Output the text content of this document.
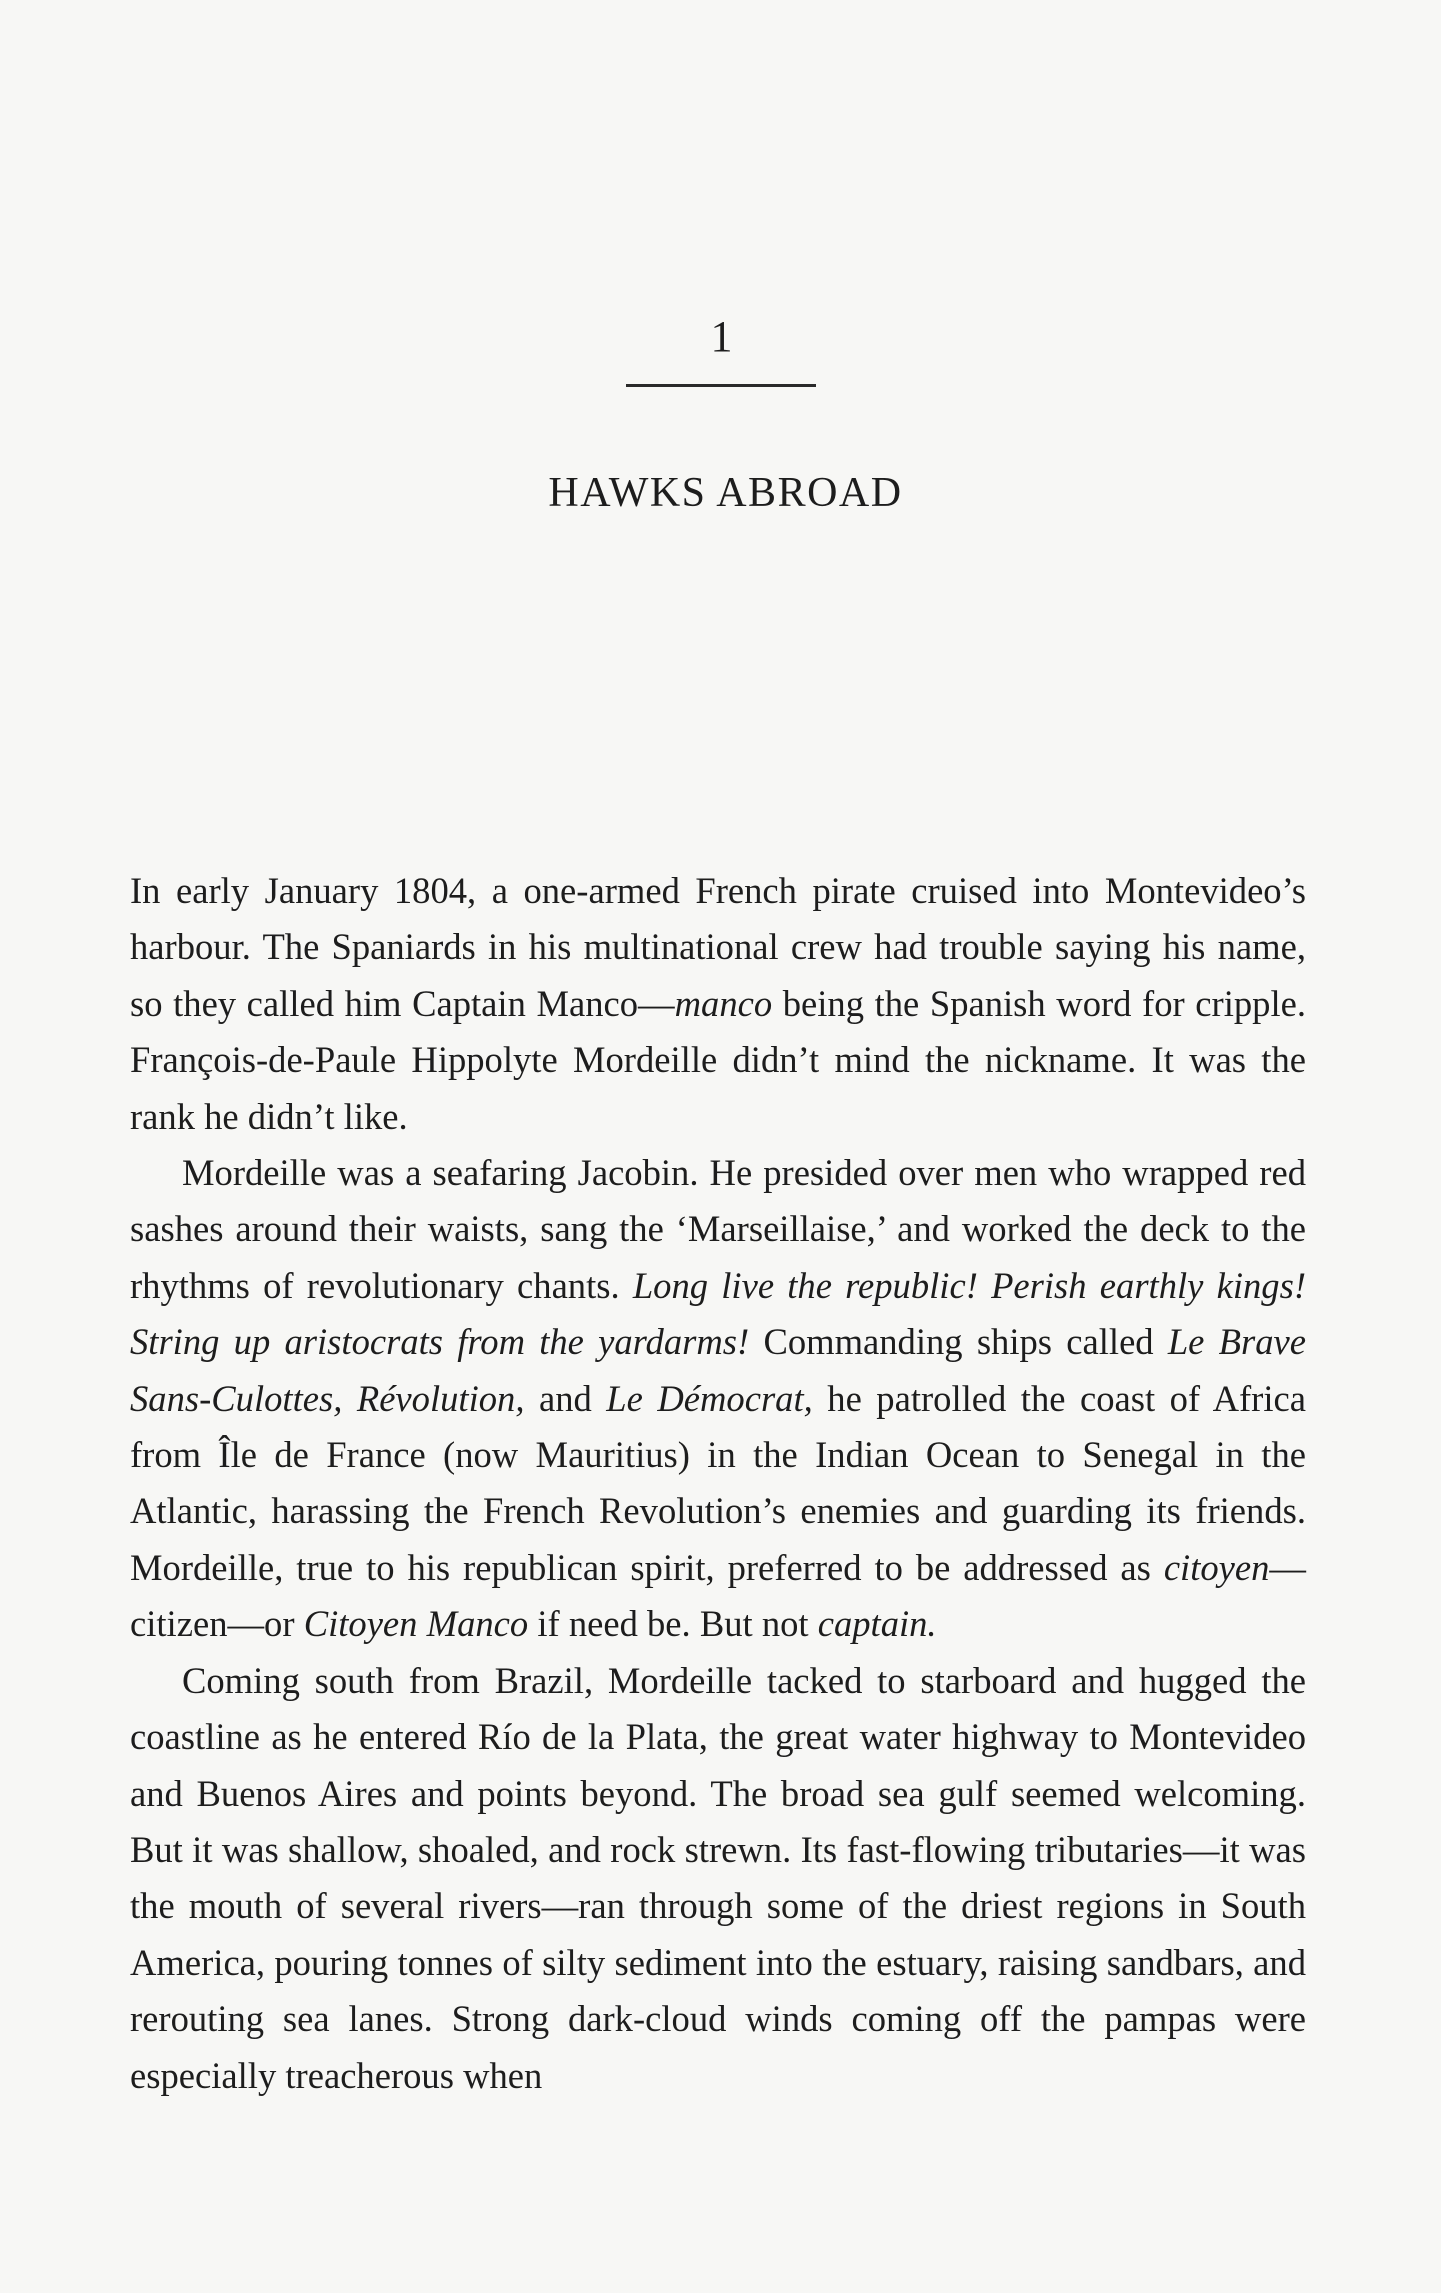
1
HAWKS ABROAD

In early January 1804, a one-armed French pirate cruised into Montevideo’s harbour. The Spaniards in his multinational crew had trouble saying his name, so they called him Captain Manco—manco being the Spanish word for cripple. François-de-Paule Hippolyte Mordeille didn’t mind the nickname. It was the rank he didn’t like.

Mordeille was a seafaring Jacobin. He presided over men who wrapped red sashes around their waists, sang the ‘Marseillaise,’ and worked the deck to the rhythms of revolutionary chants. Long live the republic! Perish earthly kings! String up aristocrats from the yardarms! Commanding ships called Le Brave Sans-Culottes, Révolution, and Le Démocrat, he patrolled the coast of Africa from Île de France (now Mauritius) in the Indian Ocean to Senegal in the Atlantic, harassing the French Revolution’s enemies and guarding its friends. Mordeille, true to his republican spirit, preferred to be addressed as citoyen—citizen—or Citoyen Manco if need be. But not captain.

Coming south from Brazil, Mordeille tacked to starboard and hugged the coastline as he entered Río de la Plata, the great water highway to Montevideo and Buenos Aires and points beyond. The broad sea gulf seemed welcoming. But it was shallow, shoaled, and rock strewn. Its fast-flowing tributaries—it was the mouth of several rivers—ran through some of the driest regions in South America, pouring tonnes of silty sediment into the estuary, raising sandbars, and rerouting sea lanes. Strong dark-cloud winds coming off the pampas were especially treacherous when
